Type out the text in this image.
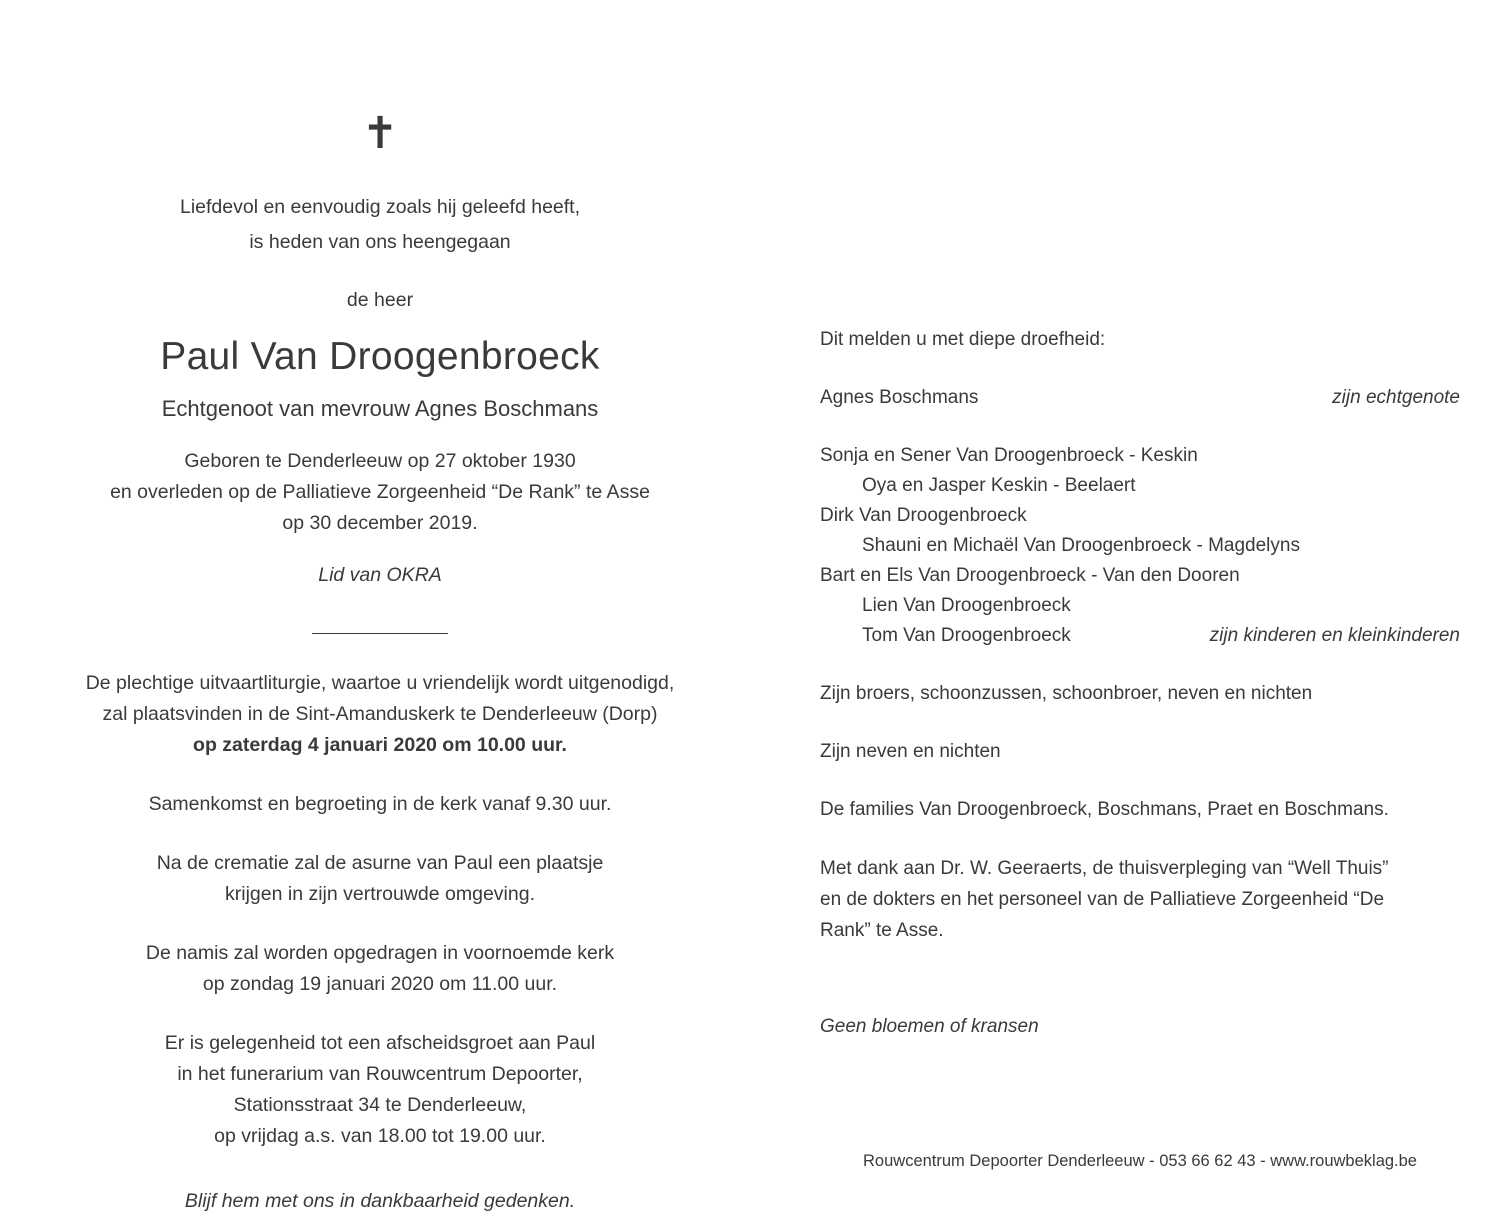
✝
Liefdevol en eenvoudig zoals hij geleefd heeft,
is heden van ons heengegaan
de heer
Paul Van Droogenbroeck
Echtgenoot van mevrouw Agnes Boschmans
Geboren te Denderleeuw op 27 oktober 1930
en overleden op de Palliatieve Zorgeenheid “De Rank” te Asse
op 30 december 2019.
Lid van OKRA
De plechtige uitvaartliturgie, waartoe u vriendelijk wordt uitgenodigd,
zal plaatsvinden in de Sint-Amanduskerk te Denderleeuw (Dorp)
op zaterdag 4 januari 2020 om 10.00 uur.
Samenkomst en begroeting in de kerk vanaf 9.30 uur.
Na de crematie zal de asurne van Paul een plaatsje
krijgen in zijn vertrouwde omgeving.
De namis zal worden opgedragen in voornoemde kerk
op zondag 19 januari 2020 om 11.00 uur.
Er is gelegenheid tot een afscheidsgroet aan Paul
in het funerarium van Rouwcentrum Depoorter,
Stationsstraat 34 te Denderleeuw,
op vrijdag a.s. van 18.00 tot 19.00 uur.
Blijf hem met ons in dankbaarheid gedenken.
Dit melden u met diepe droefheid:
Agnes Boschmans	zijn echtgenote
Sonja en Sener Van Droogenbroeck - Keskin
Oya en Jasper Keskin - Beelaert
Dirk Van Droogenbroeck
Shauni en Michaël Van Droogenbroeck - Magdelyns
Bart en Els Van Droogenbroeck - Van den Dooren
Lien Van Droogenbroeck
Tom Van Droogenbroeck	zijn kinderen en kleinkinderen
Zijn broers, schoonzussen, schoonbroer, neven en nichten
Zijn neven en nichten
De families Van Droogenbroeck, Boschmans, Praet en Boschmans.
Met dank aan Dr. W. Geeraerts, de thuisverpleging van “Well Thuis”
en de dokters en het personeel van de Palliatieve Zorgeenheid “De
Rank” te Asse.
Geen bloemen of kransen
Rouwcentrum Depoorter Denderleeuw - 053 66 62 43 - www.rouwbeklag.be
